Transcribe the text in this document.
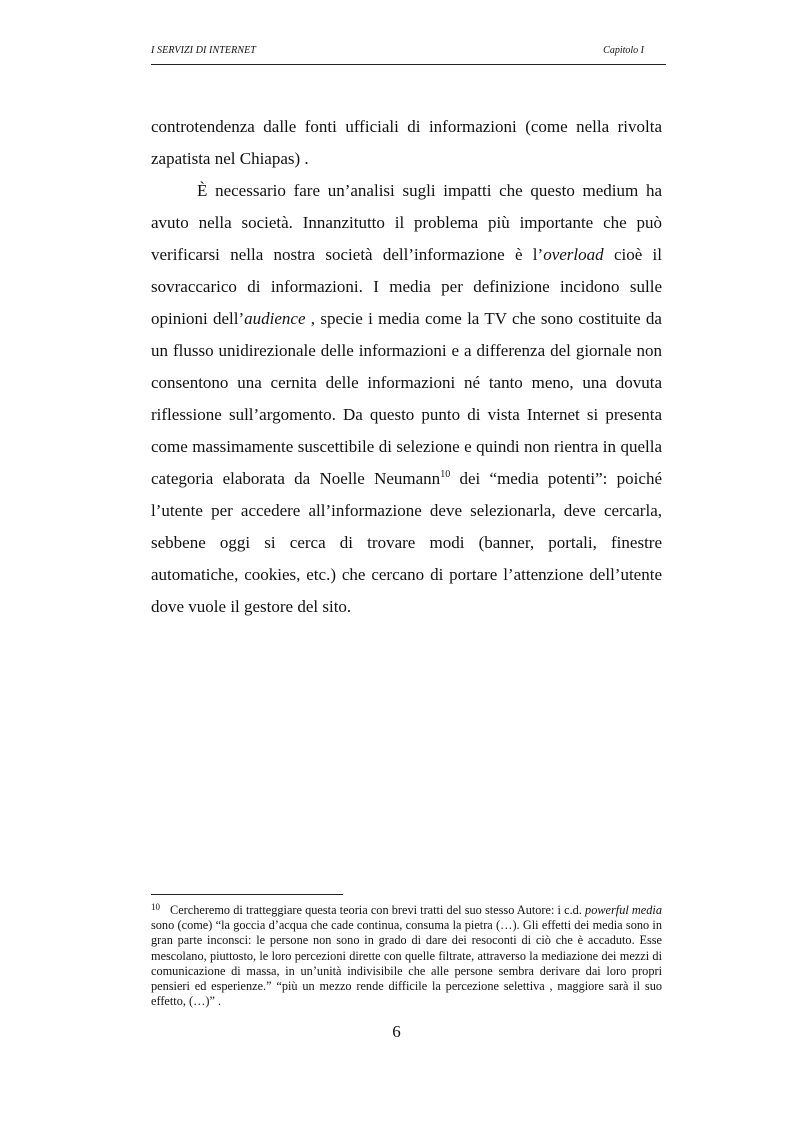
I SERVIZI DI INTERNET	Capitolo I

controtendenza dalle fonti ufficiali di informazioni (come nella rivolta zapatista nel Chiapas) .

È necessario fare un’analisi sugli impatti che questo medium ha avuto nella società. Innanzitutto il problema più importante che può verificarsi nella nostra società dell’informazione è l’overload cioè il sovraccarico di informazioni. I media per definizione incidono sulle opinioni dell’audience , specie i media come la TV che sono costituite da un flusso unidirezionale delle informazioni e a differenza del giornale non consentono una cernita delle informazioni né tanto meno, una dovuta riflessione sull’argomento. Da questo punto di vista Internet si presenta come massimamente suscettibile di selezione e quindi non rientra in quella categoria elaborata da Noelle Neumann$^{10}$ dei “media potenti”: poiché l’utente per accedere all’informazione deve selezionarla, deve cercarla, sebbene oggi si cerca di trovare modi (banner, portali, finestre automatiche, cookies, etc.) che cercano di portare l’attenzione dell’utente dove vuole il gestore del sito.

$^{10}$ Cercheremo di tratteggiare questa teoria con brevi tratti del suo stesso Autore: i c.d. powerful media sono (come) “la goccia d’acqua che cade continua, consuma la pietra (…). Gli effetti dei media sono in gran parte inconsci: le persone non sono in grado di dare dei resoconti di ciò che è accaduto. Esse mescolano, piuttosto, le loro percezioni dirette con quelle filtrate, attraverso la mediazione dei mezzi di comunicazione di massa, in un’unità indivisibile che alle persone sembra derivare dai loro propri pensieri ed esperienze.” “più un mezzo rende difficile la percezione selettiva , maggiore sarà il suo effetto, (…)” .
6
